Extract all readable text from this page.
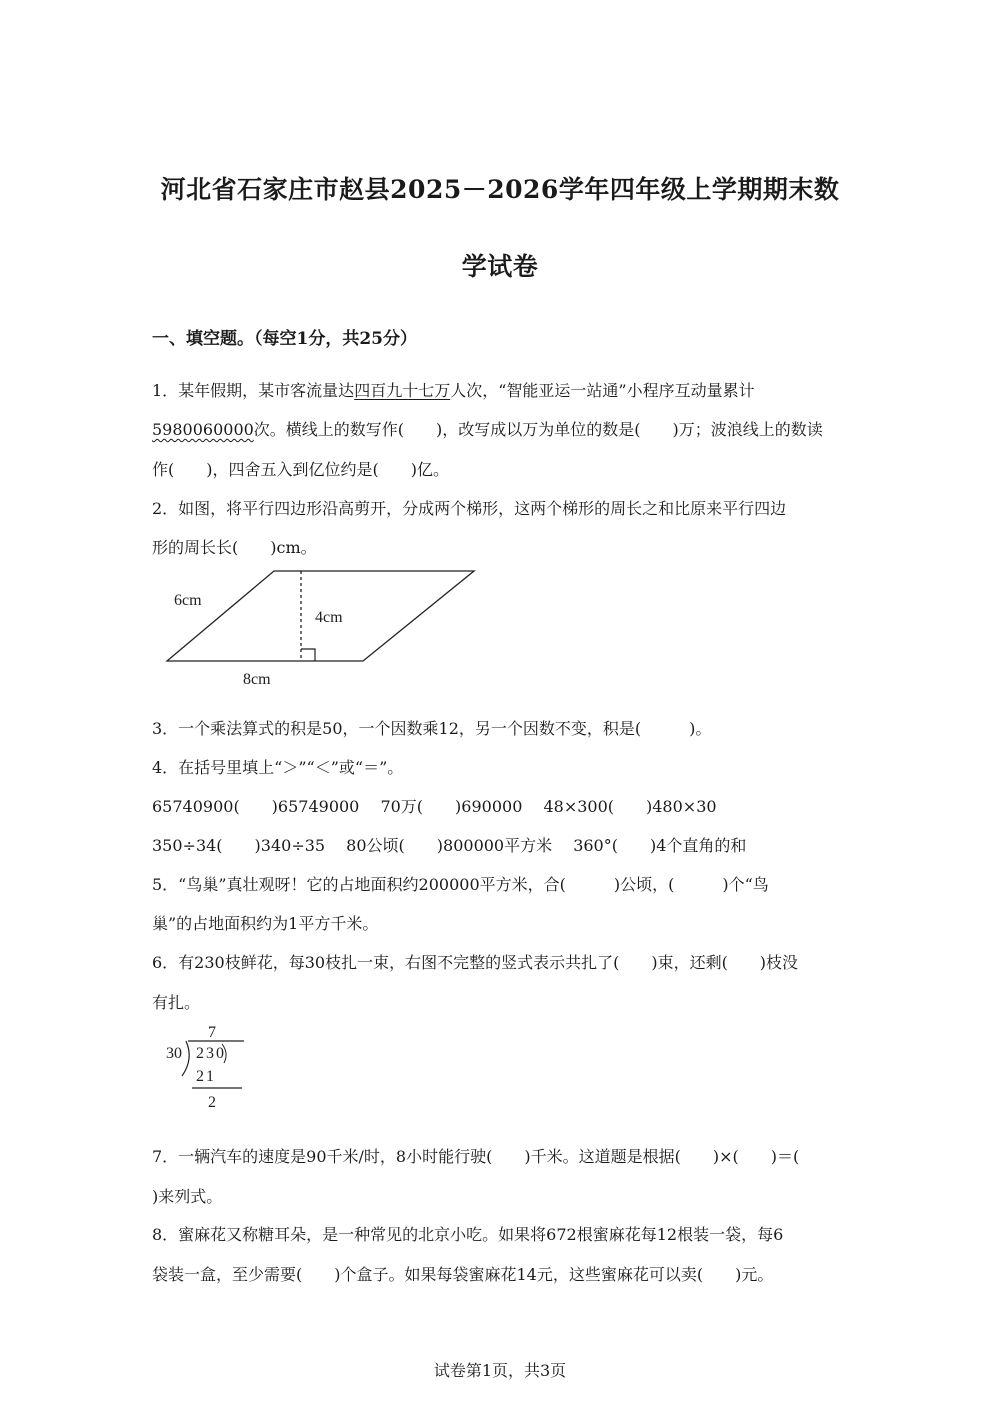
河北省石家庄市赵县2025－2026学年四年级上学期期末数
学试卷
一、填空题。（每空1分，共25分）
1．某年假期，某市客流量达四百九十七万人次，“智能亚运一站通”小程序互动量累计
5980060000次。横线上的数写作(　　)，改写成以万为单位的数是(　　)万；波浪线上的数读
作(　　)，四舍五入到亿位约是(　　)亿。
2．如图，将平行四边形沿高剪开，分成两个梯形，这两个梯形的周长之和比原来平行四边
形的周长长(　　)cm。
6cm
4cm
8cm
3．一个乘法算式的积是50，一个因数乘12，另一个因数不变，积是(　　　)。
4．在括号里填上“＞”“＜”或“＝”。
65740900(　　)65749000　 70万(　　)690000　 48×300(　　)480×30
350÷34(　　)340÷35　 80公顷(　　)800000平方米　 360°(　　)4个直角的和
5．“鸟巢”真壮观呀！它的占地面积约200000平方米，合(　　　)公顷，(　　　)个“鸟
巢”的占地面积约为1平方千米。
6．有230枝鲜花，每30枝扎一束，右图不完整的竖式表示共扎了(　　)束，还剩(　　)枝没
有扎。
7
30 230
21
2
7．一辆汽车的速度是90千米/时，8小时能行驶(　　)千米。这道题是根据(　　)×(　　)＝(
)来列式。
8．蜜麻花又称糖耳朵，是一种常见的北京小吃。如果将672根蜜麻花每12根装一袋，每6
袋装一盒，至少需要(　　)个盒子。如果每袋蜜麻花14元，这些蜜麻花可以卖(　　)元。
试卷第1页，共3页
